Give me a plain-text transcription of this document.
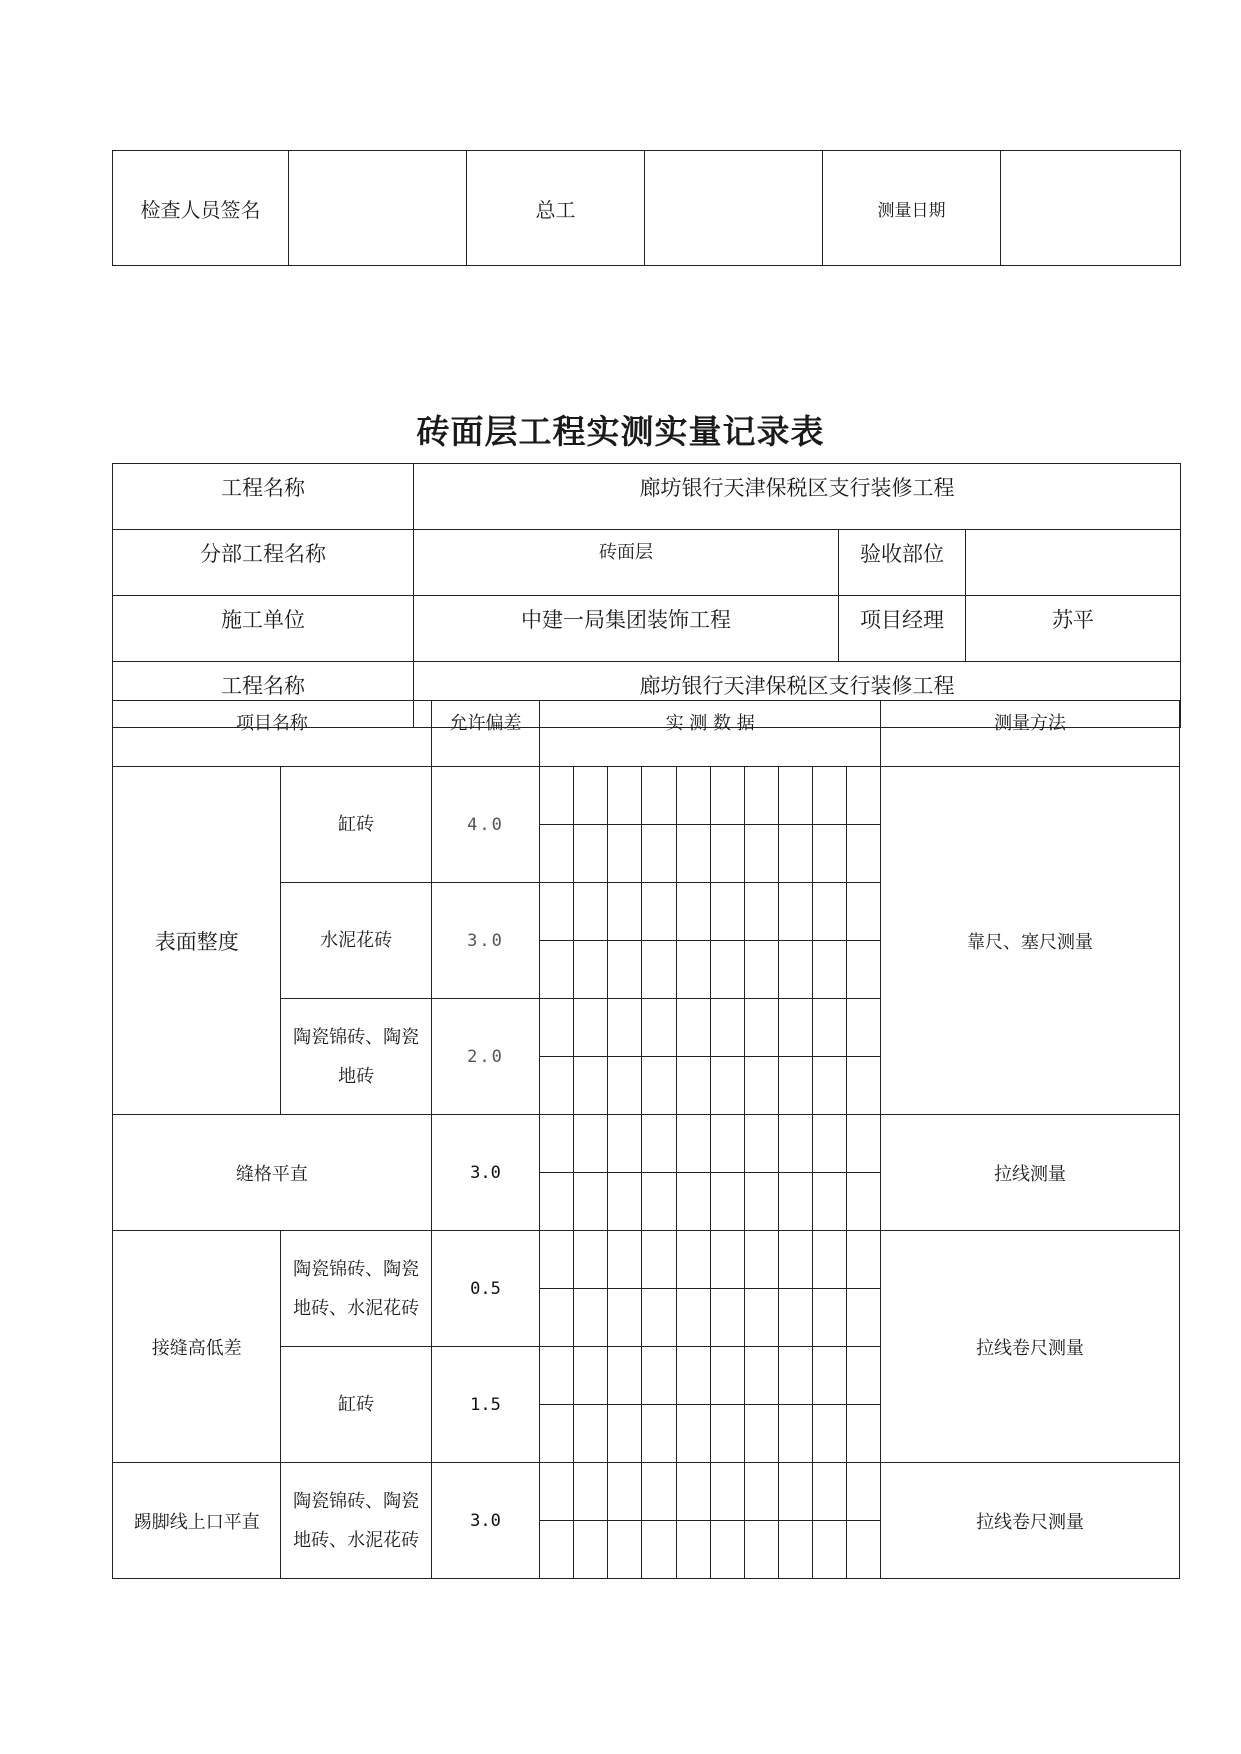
检查人员签名		总工		测量日期	
砖面层工程实测实量记录表
工程名称	廊坊银行天津保税区支行装修工程		
分部工程名称	砖面层	验收部位	
施工单位	中建一局集团装饰工程	项目经理	苏平
工程名称	廊坊银行天津保税区支行装修工程		
项目名称		允许偏差	实 测 数 据										测量方法
表面整度	缸砖	4.0											靠尺、塞尺测量

	水泥花砖	3.0											

	陶瓷锦砖、陶瓷
地砖	2.0											

缝格平直		3.0											拉线测量

接缝高低差	陶瓷锦砖、陶瓷
地砖、水泥花砖	0.5											拉线卷尺测量

	缸砖	1.5											

踢脚线上口平直	陶瓷锦砖、陶瓷
地砖、水泥花砖	3.0											拉线卷尺测量
